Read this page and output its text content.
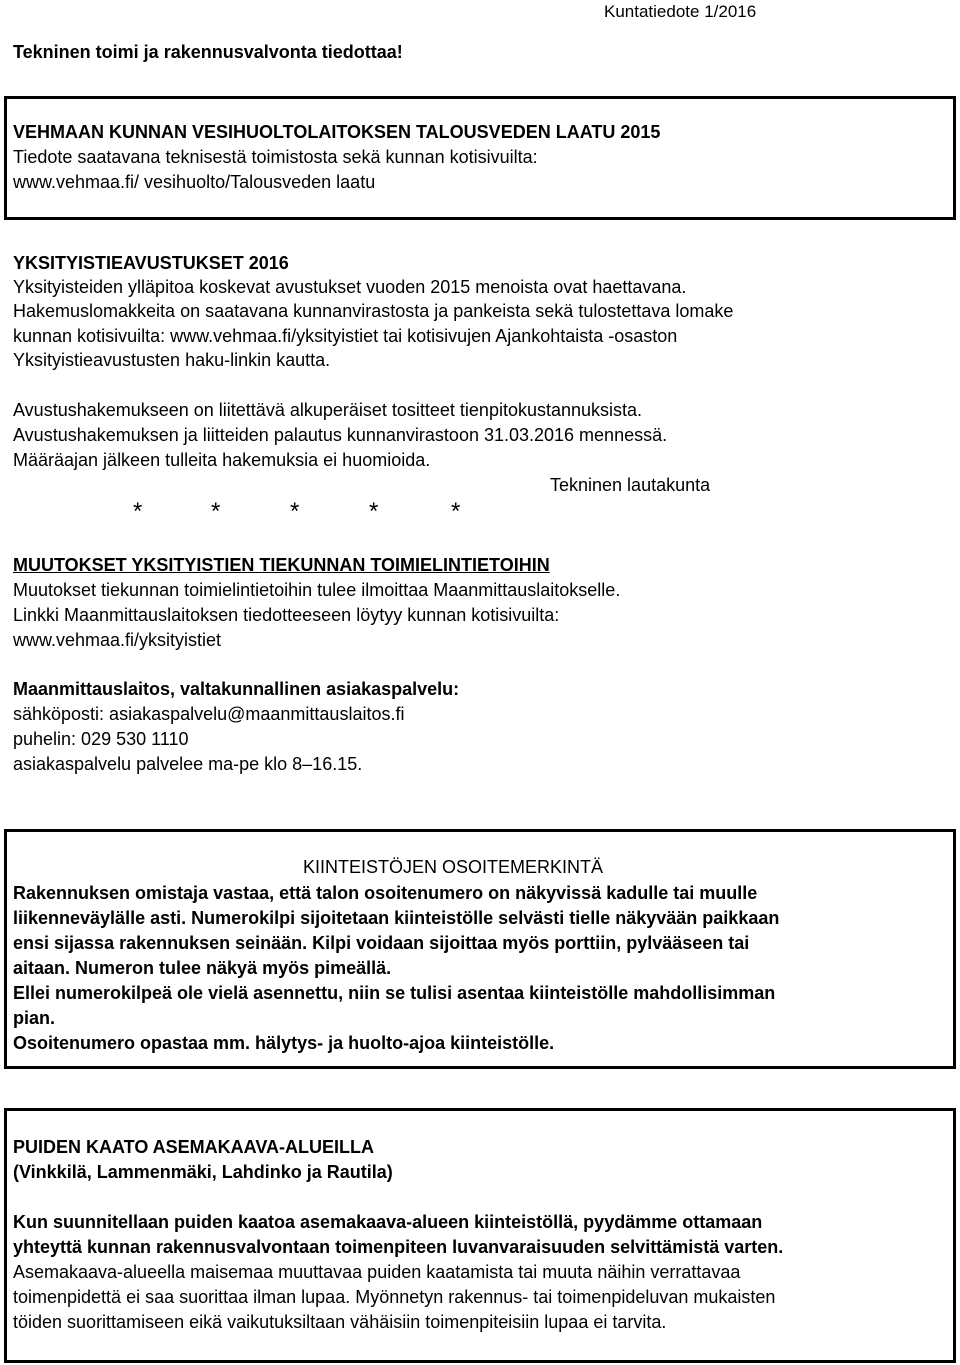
Kuntatiedote 1/2016
Tekninen toimi ja rakennusvalvonta tiedottaa!
VEHMAAN KUNNAN VESIHUOLTOLAITOKSEN TALOUSVEDEN LAATU 2015
Tiedote saatavana teknisestä toimistosta sekä kunnan kotisivuilta:
www.vehmaa.fi/ vesihuolto/Talousveden laatu
YKSITYISTIEAVUSTUKSET 2016
Yksityisteiden ylläpitoa koskevat avustukset vuoden 2015 menoista ovat haettavana.
Hakemuslomakkeita on saatavana kunnanvirastosta ja pankeista sekä tulostettava lomake
kunnan kotisivuilta: www.vehmaa.fi/yksityistiet tai kotisivujen Ajankohtaista -osaston
Yksityistieavustusten haku-linkin kautta.
Avustushakemukseen on liitettävä alkuperäiset tositteet tienpitokustannuksista.
Avustushakemuksen ja liitteiden palautus kunnanvirastoon 31.03.2016 mennessä.
Määräajan jälkeen tulleita hakemuksia ei huomioida.
Tekninen lautakunta
*	*	*	*	*
MUUTOKSET YKSITYISTIEN TIEKUNNAN TOIMIELINTIETOIHIN
Muutokset tiekunnan toimielintietoihin tulee ilmoittaa Maanmittauslaitokselle.
Linkki Maanmittauslaitoksen tiedotteeseen löytyy kunnan kotisivuilta:
www.vehmaa.fi/yksityistiet
Maanmittauslaitos, valtakunnallinen asiakaspalvelu:
sähköposti: asiakaspalvelu@maanmittauslaitos.fi
puhelin: 029 530 1110
asiakaspalvelu palvelee ma-pe klo 8–16.15.
KIINTEISTÖJEN OSOITEMERKINTÄ
Rakennuksen omistaja vastaa, että talon osoitenumero on näkyvissä kadulle tai muulle
liikenneväylälle asti. Numerokilpi sijoitetaan kiinteistölle selvästi tielle näkyvään paikkaan
ensi sijassa rakennuksen seinään. Kilpi voidaan sijoittaa myös porttiin, pylvääseen tai
aitaan. Numeron tulee näkyä myös pimeällä.
Ellei numerokilpeä ole vielä asennettu, niin se tulisi asentaa kiinteistölle mahdollisimman
pian.
Osoitenumero opastaa mm. hälytys- ja huolto-ajoa kiinteistölle.
PUIDEN KAATO ASEMAKAAVA-ALUEILLA
(Vinkkilä, Lammenmäki, Lahdinko ja Rautila)
Kun suunnitellaan puiden kaatoa asemakaava-alueen kiinteistöllä, pyydämme ottamaan
yhteyttä kunnan rakennusvalvontaan toimenpiteen luvanvaraisuuden selvittämistä varten.
Asemakaava-alueella maisemaa muuttavaa puiden kaatamista tai muuta näihin verrattavaa
toimenpidettä ei saa suorittaa ilman lupaa. Myönnetyn rakennus- tai toimenpideluvan mukaisten
töiden suorittamiseen eikä vaikutuksiltaan vähäisiin toimenpiteisiin lupaa ei tarvita.
